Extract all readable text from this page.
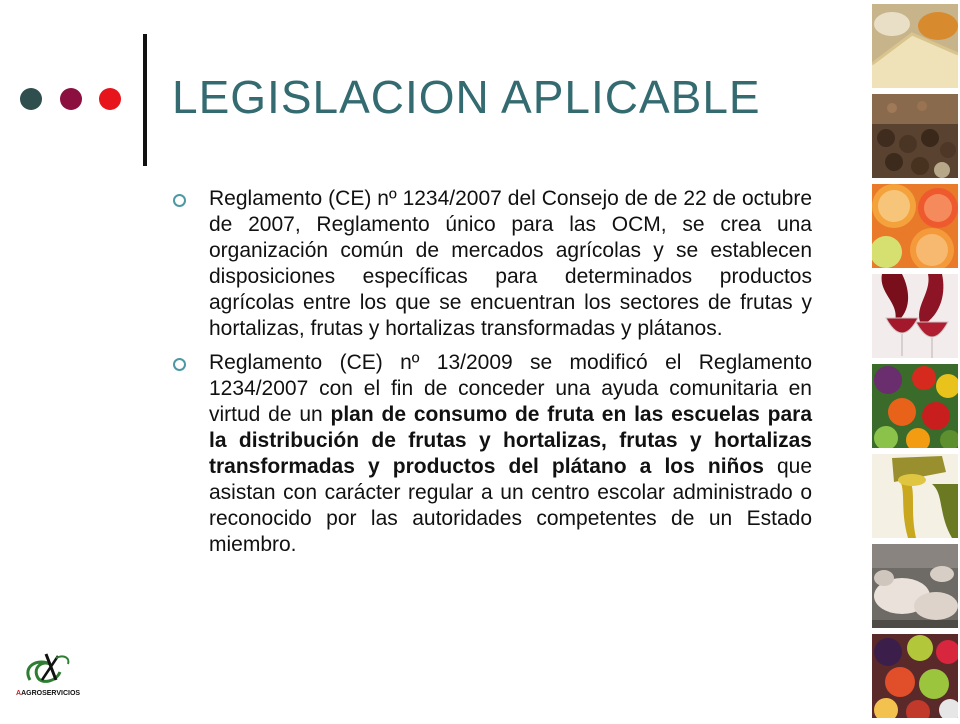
LEGISLACION APLICABLE
Reglamento (CE) nº 1234/2007 del Consejo de de 22 de octubre de 2007, Reglamento único para las OCM, se crea una organización común de mercados agrícolas y se establecen disposiciones específicas para determinados productos agrícolas entre los que se encuentran los sectores de frutas y hortalizas, frutas y hortalizas transformadas y plátanos.
Reglamento (CE) nº 13/2009 se modificó el Reglamento 1234/2007 con el fin de conceder una ayuda comunitaria en virtud de un plan de consumo de fruta en las escuelas para la distribución de frutas y hortalizas, frutas y hortalizas transformadas y productos del plátano a los niños que asistan con carácter regular a un centro escolar administrado o reconocido por las autoridades competentes de un Estado miembro.
AAGROSERVICIOS
